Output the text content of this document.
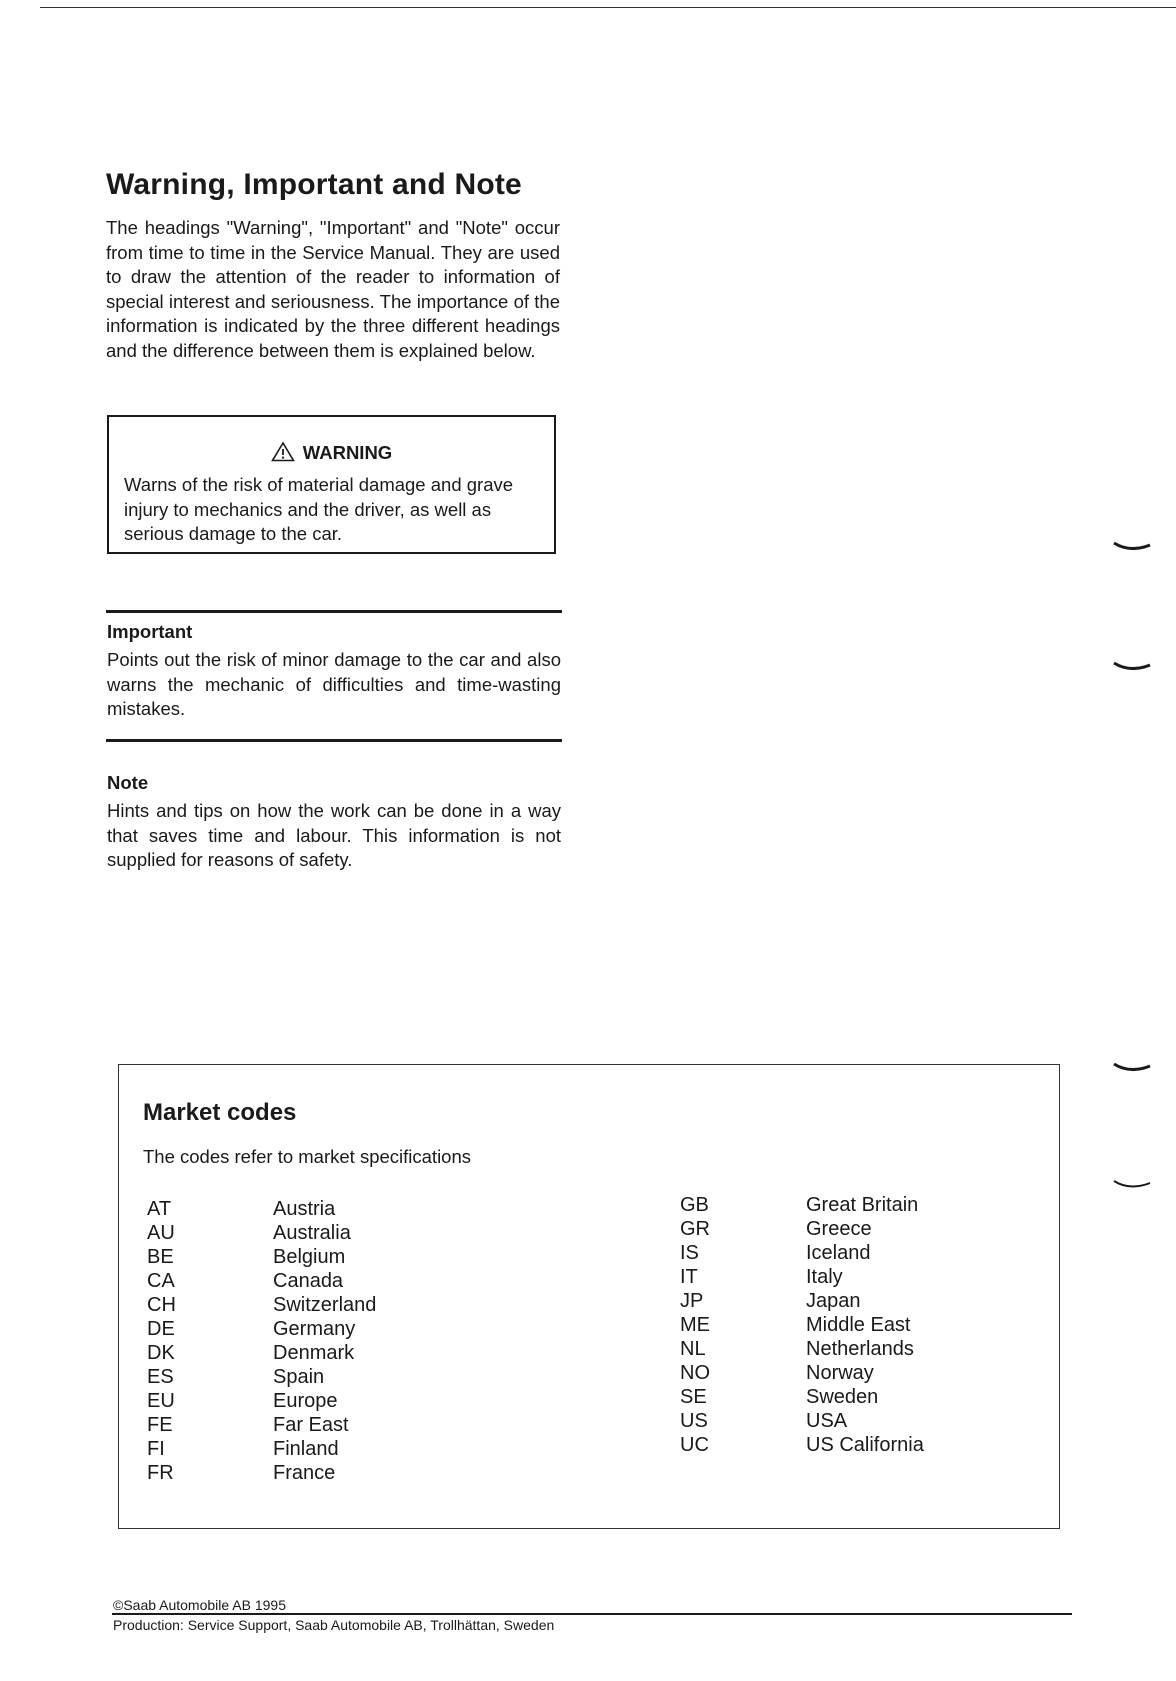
Warning, Important and Note

The headings "Warning", "Important" and "Note" occur from time to time in the Service Manual. They are used to draw the attention of the reader to information of special interest and seriousness. The importance of the information is indicated by the three different headings and the difference between them is explained below.

WARNING

Warns of the risk of material damage and grave injury to mechanics and the driver, as well as serious damage to the car.

Important

Points out the risk of minor damage to the car and also warns the mechanic of difficulties and time-wasting mistakes.

Note

Hints and tips on how the work can be done in a way that saves time and labour. This information is not supplied for reasons of safety.

Market codes

The codes refer to market specifications

AT	Austria
AU	Australia
BE	Belgium
CA	Canada
CH	Switzerland
DE	Germany
DK	Denmark
ES	Spain
EU	Europe
FE	Far East
FI	Finland
FR	France
GB	Great Britain
GR	Greece
IS	Iceland
IT	Italy
JP	Japan
ME	Middle East
NL	Netherlands
NO	Norway
SE	Sweden
US	USA
UC	US California

©Saab Automobile AB 1995

Production: Service Support, Saab Automobile AB, Trollhättan, Sweden
